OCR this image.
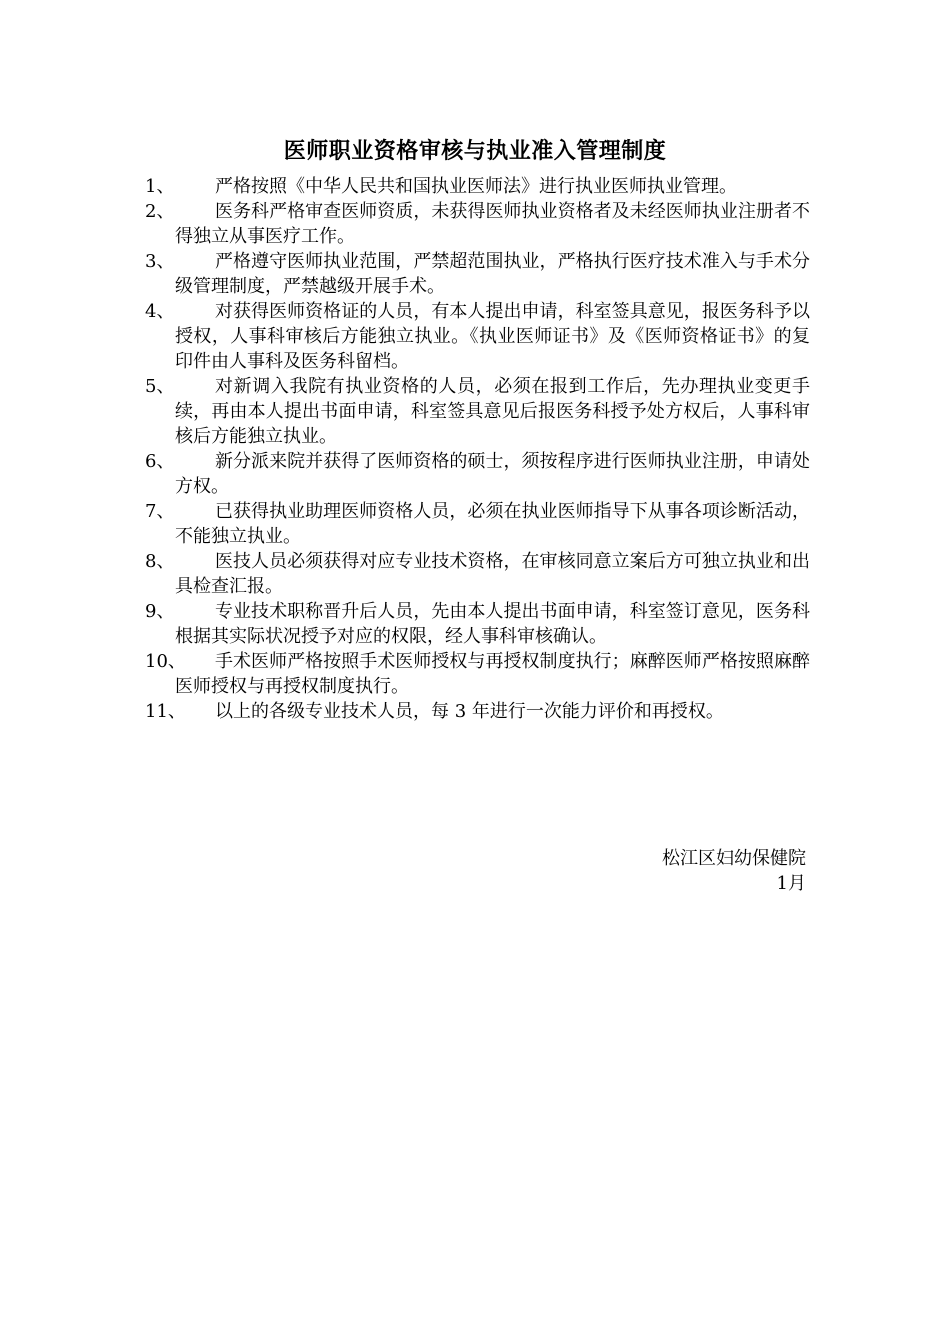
医师职业资格审核与执业准入管理制度
1、	严格按照《中华人民共和国执业医师法》进行执业医师执业管理。
2、	医务科严格审查医师资质，未获得医师执业资格者及未经医师执业注册者不得独立从事医疗工作。
3、	严格遵守医师执业范围，严禁超范围执业，严格执行医疗技术准入与手术分级管理制度，严禁越级开展手术。
4、	对获得医师资格证的人员，有本人提出申请，科室签具意见，报医务科予以授权，人事科审核后方能独立执业。《执业医师证书》及《医师资格证书》的复印件由人事科及医务科留档。
5、	对新调入我院有执业资格的人员，必须在报到工作后，先办理执业变更手续，再由本人提出书面申请，科室签具意见后报医务科授予处方权后，人事科审核后方能独立执业。
6、	新分派来院并获得了医师资格的硕士，须按程序进行医师执业注册，申请处方权。
7、	已获得执业助理医师资格人员，必须在执业医师指导下从事各项诊断活动，不能独立执业。
8、	医技人员必须获得对应专业技术资格，在审核同意立案后方可独立执业和出具检查汇报。
9、	专业技术职称晋升后人员，先由本人提出书面申请，科室签订意见，医务科根据其实际状况授予对应的权限，经人事科审核确认。
10、	手术医师严格按照手术医师授权与再授权制度执行；麻醉医师严格按照麻醉医师授权与再授权制度执行。
11、	以上的各级专业技术人员，每 3 年进行一次能力评价和再授权。
松江区妇幼保健院
1月
